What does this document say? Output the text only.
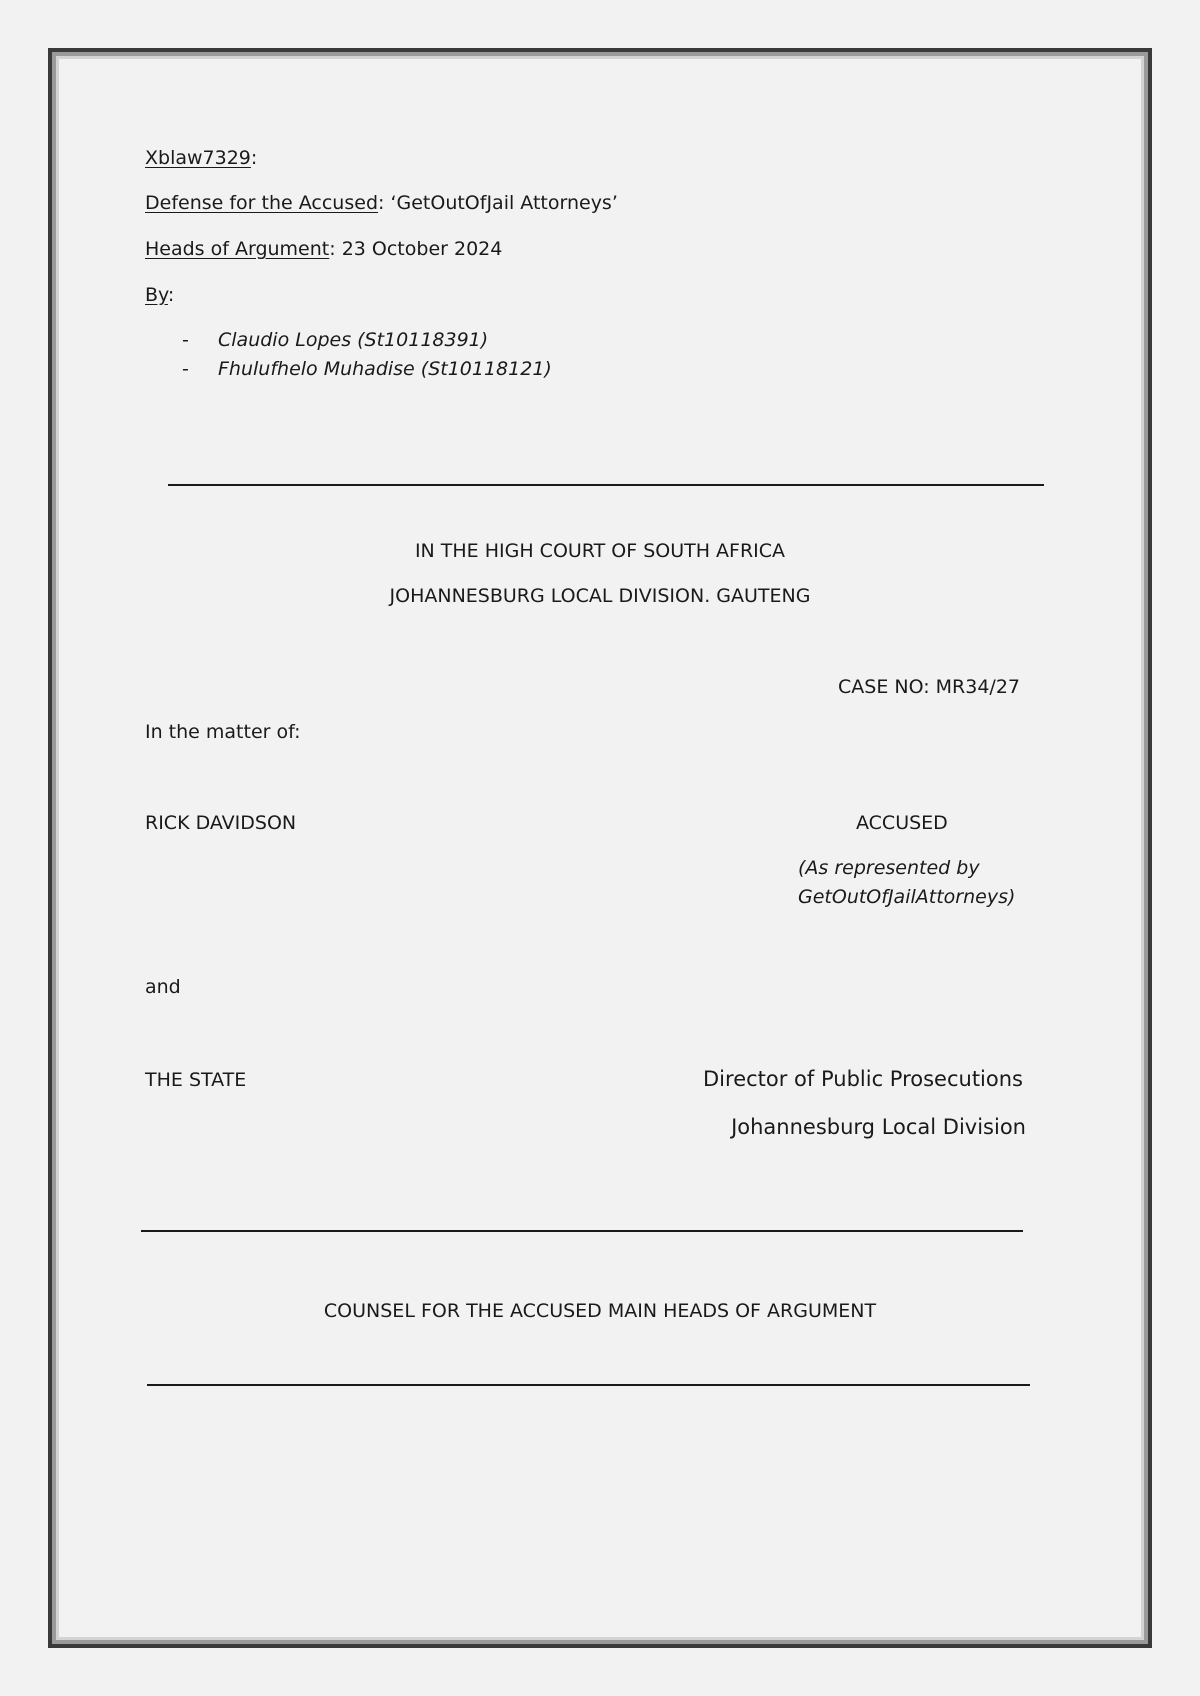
Xblaw7329:
Defense for the Accused: ‘GetOutOfJail Attorneys’
Heads of Argument: 23 October 2024
By:
- Claudio Lopes (St10118391)
- Fhulufhelo Muhadise (St10118121)
IN THE HIGH COURT OF SOUTH AFRICA
JOHANNESBURG LOCAL DIVISION. GAUTENG
CASE NO: MR34/27
In the matter of:
RICK DAVIDSON	ACCUSED
(As represented by
GetOutOfJailAttorneys)
and
THE STATE	Director of Public Prosecutions
Johannesburg Local Division
COUNSEL FOR THE ACCUSED MAIN HEADS OF ARGUMENT
